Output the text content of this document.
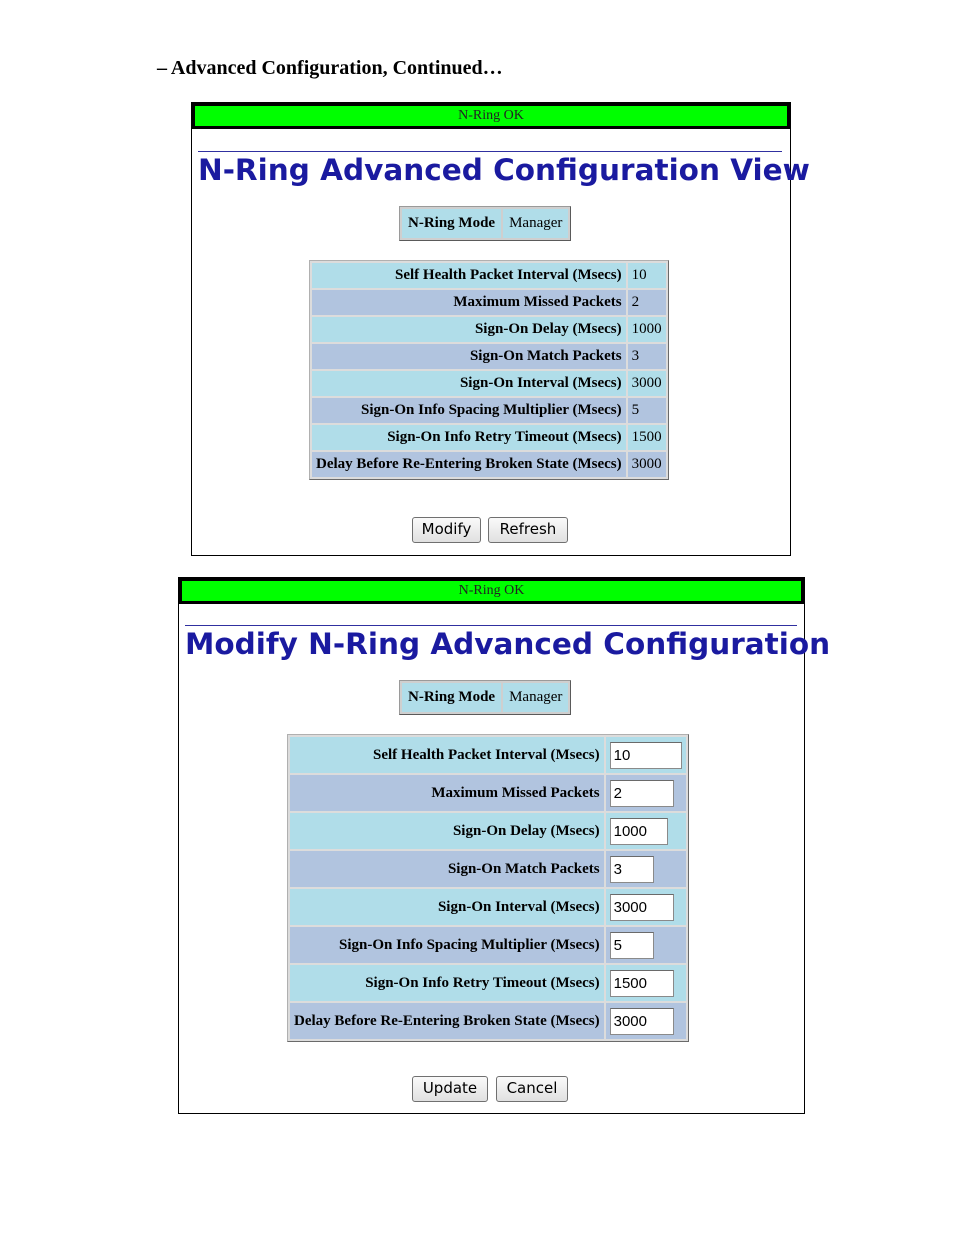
– Advanced Configuration, Continued…
N-Ring OK
N-Ring Advanced Configuration View
N-Ring Mode	Manager
Self Health Packet Interval (Msecs)	10
Maximum Missed Packets	2
Sign-On Delay (Msecs)	1000
Sign-On Match Packets	3
Sign-On Interval (Msecs)	3000
Sign-On Info Spacing Multiplier (Msecs)	5
Sign-On Info Retry Timeout (Msecs)	1500
Delay Before Re-Entering Broken State (Msecs)	3000
Modify	Refresh
N-Ring OK
Modify N-Ring Advanced Configuration
N-Ring Mode	Manager
Self Health Packet Interval (Msecs)	10
Maximum Missed Packets	2
Sign-On Delay (Msecs)	1000
Sign-On Match Packets	3
Sign-On Interval (Msecs)	3000
Sign-On Info Spacing Multiplier (Msecs)	5
Sign-On Info Retry Timeout (Msecs)	1500
Delay Before Re-Entering Broken State (Msecs)	3000
Update	Cancel
